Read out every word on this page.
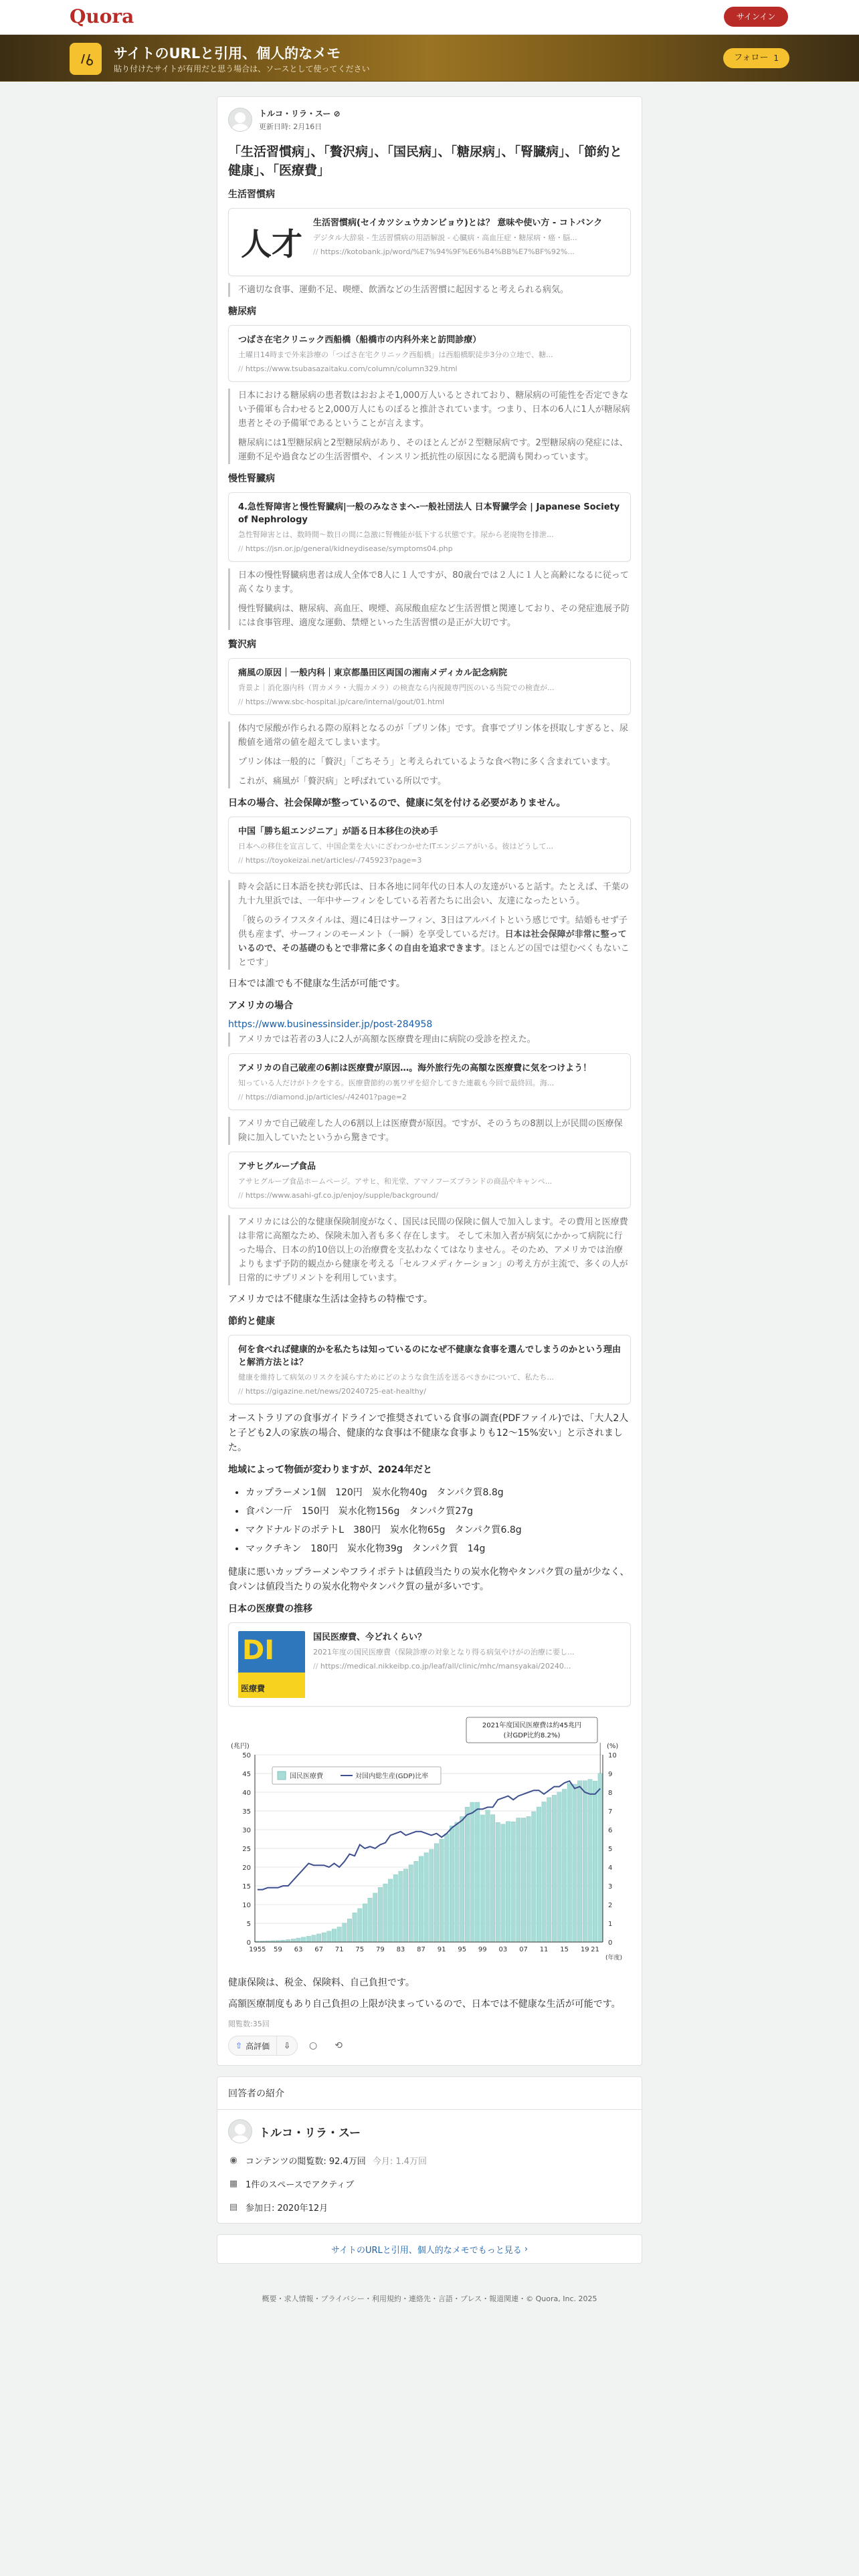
Quora	サインイン
サイトのURLと引用、個人的なメモ
貼り付けたサイトが有用だと思う場合は、ソースとして使ってください
フォロー 1
トルコ・リラ・スー ⊘
更新日時: 2月16日
「生活習慣病」、「贅沢病」、「国民病」、「糖尿病」、「腎臓病」、「節約と健康」、「医療費」
生活習慣病
人才
生活習慣病(セイカツシュウカンビョウ)とは？ 意味や使い方 - コトバンク
デジタル大辞泉 - 生活習慣病の用語解説 - 心臓病・高血圧症・糖尿病・癌・脳...
// https://kotobank.jp/word/%E7%94%9F%E6%B4%BB%E7%BF%92%...

不適切な食事、運動不足、喫煙、飲酒などの生活習慣に起因すると考えられる病気。

糖尿病
つばさ在宅クリニック西船橋（船橋市の内科外来と訪問診療）
土曜日14時まで外来診療の「つばさ在宅クリニック西船橋」は西船橋駅徒歩3分の立地で、糖...
// https://www.tsubasazaitaku.com/column/column329.html

日本における糖尿病の患者数はおおよそ1,000万人いるとされており、糖尿病の可能性を否定できない予備軍も合わせると2,000万人にものぼると推計されています。つまり、日本の6人に1人が糖尿病患者とその予備軍であるということが言えます。

糖尿病には1型糖尿病と2型糖尿病があり、そのほとんどが２型糖尿病です。2型糖尿病の発症には、運動不足や過食などの生活習慣や、インスリン抵抗性の原因になる肥満も関わっています。

慢性腎臓病
4.急性腎障害と慢性腎臓病|一般のみなさまへ-一般社団法人 日本腎臓学会 | Japanese Society of Nephrology
急性腎障害とは、数時間〜数日の間に急激に腎機能が低下する状態です。尿から老廃物を排泄...
// https://jsn.or.jp/general/kidneydisease/symptoms04.php

日本の慢性腎臓病患者は成人全体で8人に１人ですが、80歳台では２人に１人と高齢になるに従って高くなります。

慢性腎臓病は、糖尿病、高血圧、喫煙、高尿酸血症など生活習慣と関連しており、その発症進展予防には食事管理、適度な運動、禁煙といった生活習慣の是正が大切です。

贅沢病
痛風の原因｜一般内科｜東京都墨田区両国の湘南メディカル記念病院
背景よ｜消化器内科（胃カメラ・大腸カメラ）の検査なら内視鏡専門医のいる当院での検査が...
// https://www.sbc-hospital.jp/care/internal/gout/01.html

体内で尿酸が作られる際の原料となるのが「プリン体」です。食事でプリン体を摂取しすぎると、尿酸値を通常の値を超えてしまいます。

プリン体は一般的に「贅沢」「ごちそう」と考えられているような食べ物に多く含まれています。

これが、痛風が「贅沢病」と呼ばれている所以です。

日本の場合、社会保障が整っているので、健康に気を付ける必要がありません。
中国「勝ち組エンジニア」が語る日本移住の決め手
日本への移住を宣言して、中国企業を大いにざわつかせたITエンジニアがいる。彼はどうして...
// https://toyokeizai.net/articles/-/745923?page=3

時々会話に日本語を挟む郭氏は、日本各地に同年代の日本人の友達がいると話す。たとえば、千葉の九十九里浜では、一年中サーフィンをしている若者たちに出会い、友達になったという。

「彼らのライフスタイルは、週に4日はサーフィン、3日はアルバイトという感じです。結婚もせず子供も産まず、サーフィンのモーメント（一瞬）を享受しているだけ。日本は社会保障が非常に整っているので、その基礎のもとで非常に多くの自由を追求できます。ほとんどの国では望むべくもないことです」

日本では誰でも不健康な生活が可能です。
アメリカの場合
https://www.businessinsider.jp/post-284958

アメリカでは若者の3人に2人が高額な医療費を理由に病院の受診を控えた。

アメリカの自己破産の6割は医療費が原因…。海外旅行先の高額な医療費に気をつけよう！
知っている人だけがトクをする。医療費節約の裏ワザを紹介してきた連載も今回で最終回。海...
// https://diamond.jp/articles/-/42401?page=2

アメリカで自己破産した人の6割以上は医療費が原因。ですが、そのうちの8割以上が民間の医療保険に加入していたというから驚きです。

アサヒグループ食品
アサヒグループ食品ホームページ。アサヒ、和光堂、アマノフーズブランドの商品やキャンペ...
// https://www.asahi-gf.co.jp/enjoy/supple/background/

アメリカには公的な健康保険制度がなく、国民は民間の保険に個人で加入します。その費用と医療費は非常に高額なため、保険未加入者も多く存在します。 そして未加入者が病気にかかって病院に行った場合、日本の約10倍以上の治療費を支払わなくてはなりません。そのため、アメリカでは治療よりもまず予防的観点から健康を考える「セルフメディケーション」の考え方が主流で、多くの人が日常的にサプリメントを利用しています。

アメリカでは不健康な生活は金持ちの特権です。
節約と健康
何を食べれば健康的かを私たちは知っているのになぜ不健康な食事を選んでしまうのかという理由と解消方法とは？
健康を維持して病気のリスクを減らすためにどのような食生活を送るべきかについて、私たち...
// https://gigazine.net/news/20240725-eat-healthy/
オーストラリアの食事ガイドラインで推奨されている食事の調査(PDFファイル)では、「大人2人と子ども2人の家族の場合、健康的な食事は不健康な食事よりも12～15%安い」と示されました。
地域によって物価が変わりますが、2024年だと
• カップラーメン1個　120円　炭水化物40g　タンパク質8.8g
• 食パン一斤　150円　炭水化物156g　タンパク質27g
• マクドナルドのポテトL　380円　炭水化物65g　タンパク質6.8g
• マックチキン　180円　炭水化物39g　タンパク質　14g
健康に悪いカップラーメンやフライポテトは値段当たりの炭水化物やタンパク質の量が少なく、食パンは値段当たりの炭水化物やタンパク質の量が多いです。
日本の医療費の推移
DI
医療費
国民医療費、今どれくらい？
2021年度の国民医療費（保険診療の対象となり得る病気やけがの治療に要し...
// https://medical.nikkeibp.co.jp/leaf/all/clinic/mhc/mansyakai/20240...
0
5
10
15
20
25
30
35
40
45
50
0
1
2
3
4
5
6
7
8
9
10
(兆円)	(%)
1955 59 63 67 71 75 79 83 87 91 95 99 03 07 11 15 19 21
(年度)
国民医療費	対国内総生産(GDP)比率
2021年度国民医療費は約45兆円
(対GDP比約8.2%)
健康保険は、税金、保険料、自己負担です。
高額医療制度もあり自己負担の上限が決まっているので、日本では不健康な生活が可能です。
閲覧数:35回
⇧ 高評価 ⇩ ○ ⟲
回答者の紹介
トルコ・リラ・スー
◉ コンテンツの閲覧数: 92.4万回 今月: 1.4万回
▦ 1件のスペースでアクティブ
▤ 参加日: 2020年12月
サイトのURLと引用、個人的なメモでもっと見る ›
概要・求人情報・プライバシー・利用規約・連絡先・言語・プレス・報道関連・© Quora, Inc. 2025
